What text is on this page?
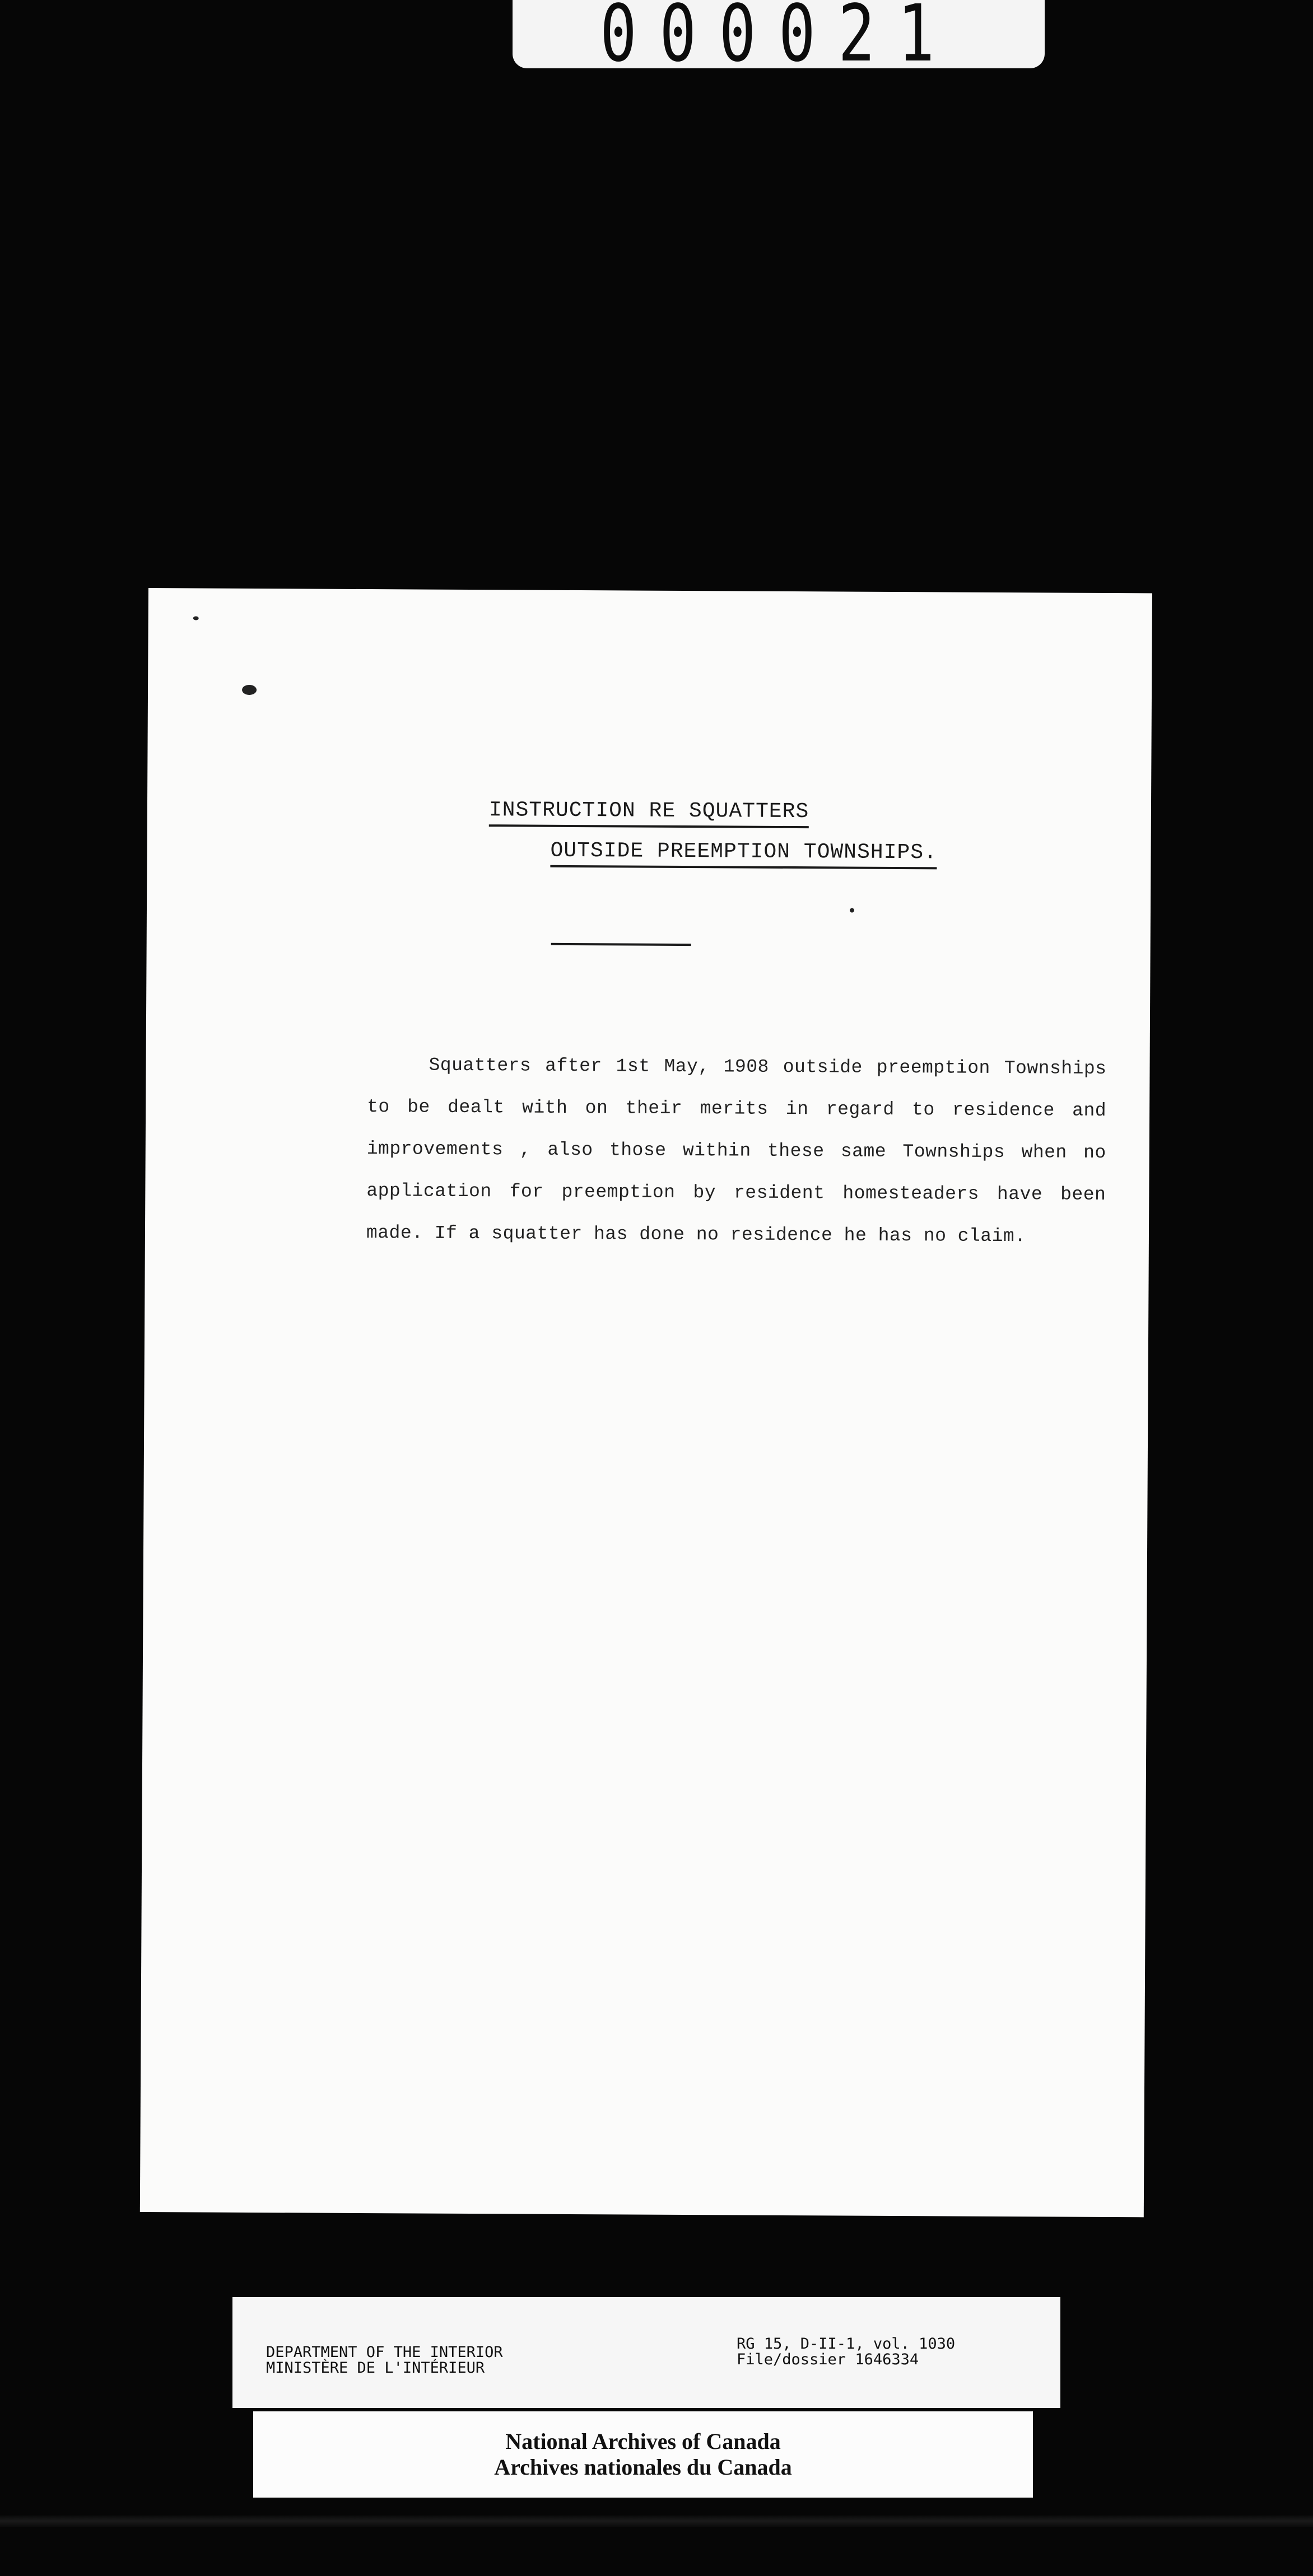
000021
INSTRUCTION RE SQUATTERS
OUTSIDE PREEMPTION TOWNSHIPS.

Squatters after 1st May, 1908 outside preemption Townships to be dealt with on their merits in regard to residence and improvements , also those within these same Townships when no application for preemption by resident homesteaders have been made. If a squatter has done no residence he has no claim.

DEPARTMENT OF THE INTERIOR
MINISTÈRE DE L'INTÉRIEUR
RG 15, D-II-1, vol. 1030
File/dossier 1646334
National Archives of Canada
Archives nationales du Canada
